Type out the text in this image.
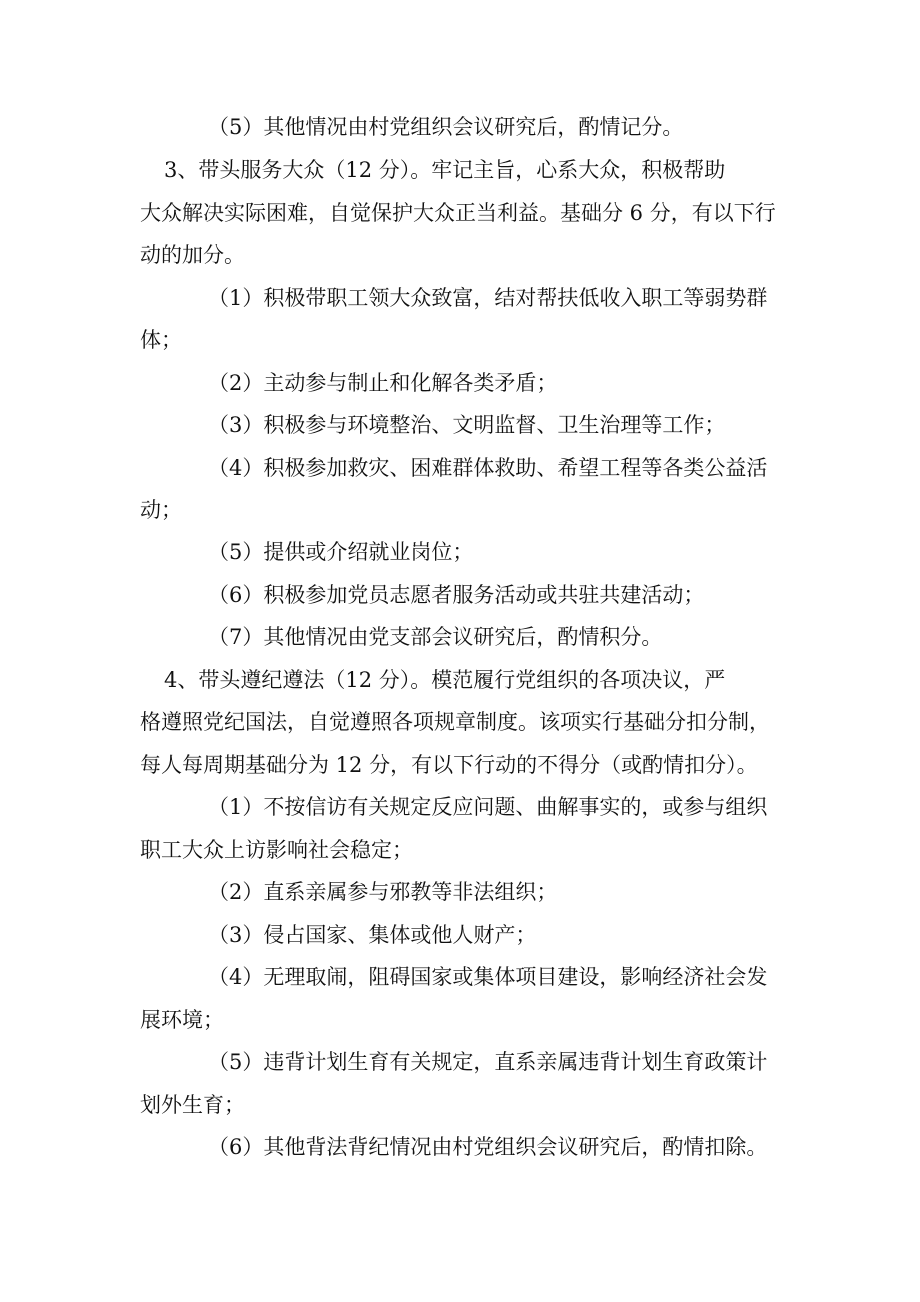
（5）其他情况由村党组织会议研究后，酌情记分。
3、带头服务大众（12 分）。牢记主旨，心系大众，积极帮助
大众解决实际困难，自觉保护大众正当利益。基础分 6 分，有以下行
动的加分。
（1）积极带职工领大众致富，结对帮扶低收入职工等弱势群
体；
（2）主动参与制止和化解各类矛盾；
（3）积极参与环境整治、文明监督、卫生治理等工作；
（4）积极参加救灾、困难群体救助、希望工程等各类公益活
动；
（5）提供或介绍就业岗位；
（6）积极参加党员志愿者服务活动或共驻共建活动；
（7）其他情况由党支部会议研究后，酌情积分。
4、带头遵纪遵法（12 分）。模范履行党组织的各项决议，严
格遵照党纪国法，自觉遵照各项规章制度。该项实行基础分扣分制，
每人每周期基础分为 12 分，有以下行动的不得分（或酌情扣分）。
（1）不按信访有关规定反应问题、曲解事实的，或参与组织
职工大众上访影响社会稳定；
（2）直系亲属参与邪教等非法组织；
（3）侵占国家、集体或他人财产；
（4）无理取闹，阻碍国家或集体项目建设，影响经济社会发
展环境；
（5）违背计划生育有关规定，直系亲属违背计划生育政策计
划外生育；
（6）其他背法背纪情况由村党组织会议研究后，酌情扣除。
